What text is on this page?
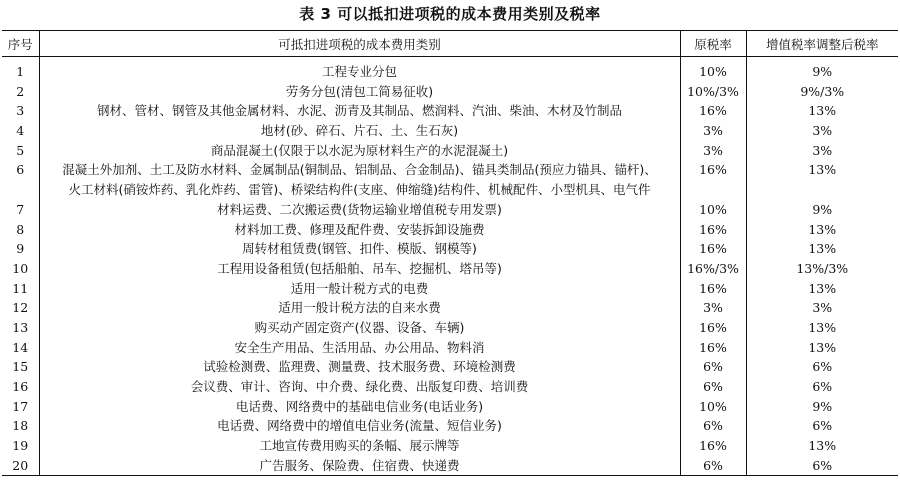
表 3 可以抵扣进项税的成本费用类别及税率
序号	可抵扣进项税的成本费用类别	原税率	增值税率调整后税率
1	工程专业分包	10%	9%
2	劳务分包(清包工简易征收)	10%/3%	9%/3%
3	钢材、管材、钢管及其他金属材料、水泥、沥青及其制品、燃润料、汽油、柴油、木材及竹制品	16%	13%
4	地材(砂、碎石、片石、土、生石灰)	3%	3%
5	商品混凝土(仅限于以水泥为原材料生产的水泥混凝土)	3%	3%
6	混凝土外加剂、土工及防水材料、金属制品(铜制品、铝制品、合金制品)、锚具类制品(预应力锚具、锚杆)、
火工材料(硝铵炸药、乳化炸药、雷管)、桥梁结构件(支座、伸缩缝)结构件、机械配件、小型机具、电气件	16%	13%
7	材料运费、二次搬运费(货物运输业增值税专用发票)	10%	9%
8	材料加工费、修理及配件费、安装拆卸设施费	16%	13%
9	周转材租赁费(钢管、扣件、模版、钢模等)	16%	13%
10	工程用设备租赁(包括船舶、吊车、挖掘机、塔吊等)	16%/3%	13%/3%
11	适用一般计税方式的电费	16%	13%
12	适用一般计税方法的自来水费	3%	3%
13	购买动产固定资产(仪器、设备、车辆)	16%	13%
14	安全生产用品、生活用品、办公用品、物料消	16%	13%
15	试验检测费、监理费、测量费、技术服务费、环境检测费	6%	6%
16	会议费、审计、咨询、中介费、绿化费、出版复印费、培训费	6%	6%
17	电话费、网络费中的基础电信业务(电话业务)	10%	9%
18	电话费、网络费中的增值电信业务(流量、短信业务)	6%	6%
19	工地宣传费用购买的条幅、展示牌等	16%	13%
20	广告服务、保险费、住宿费、快递费	6%	6%
